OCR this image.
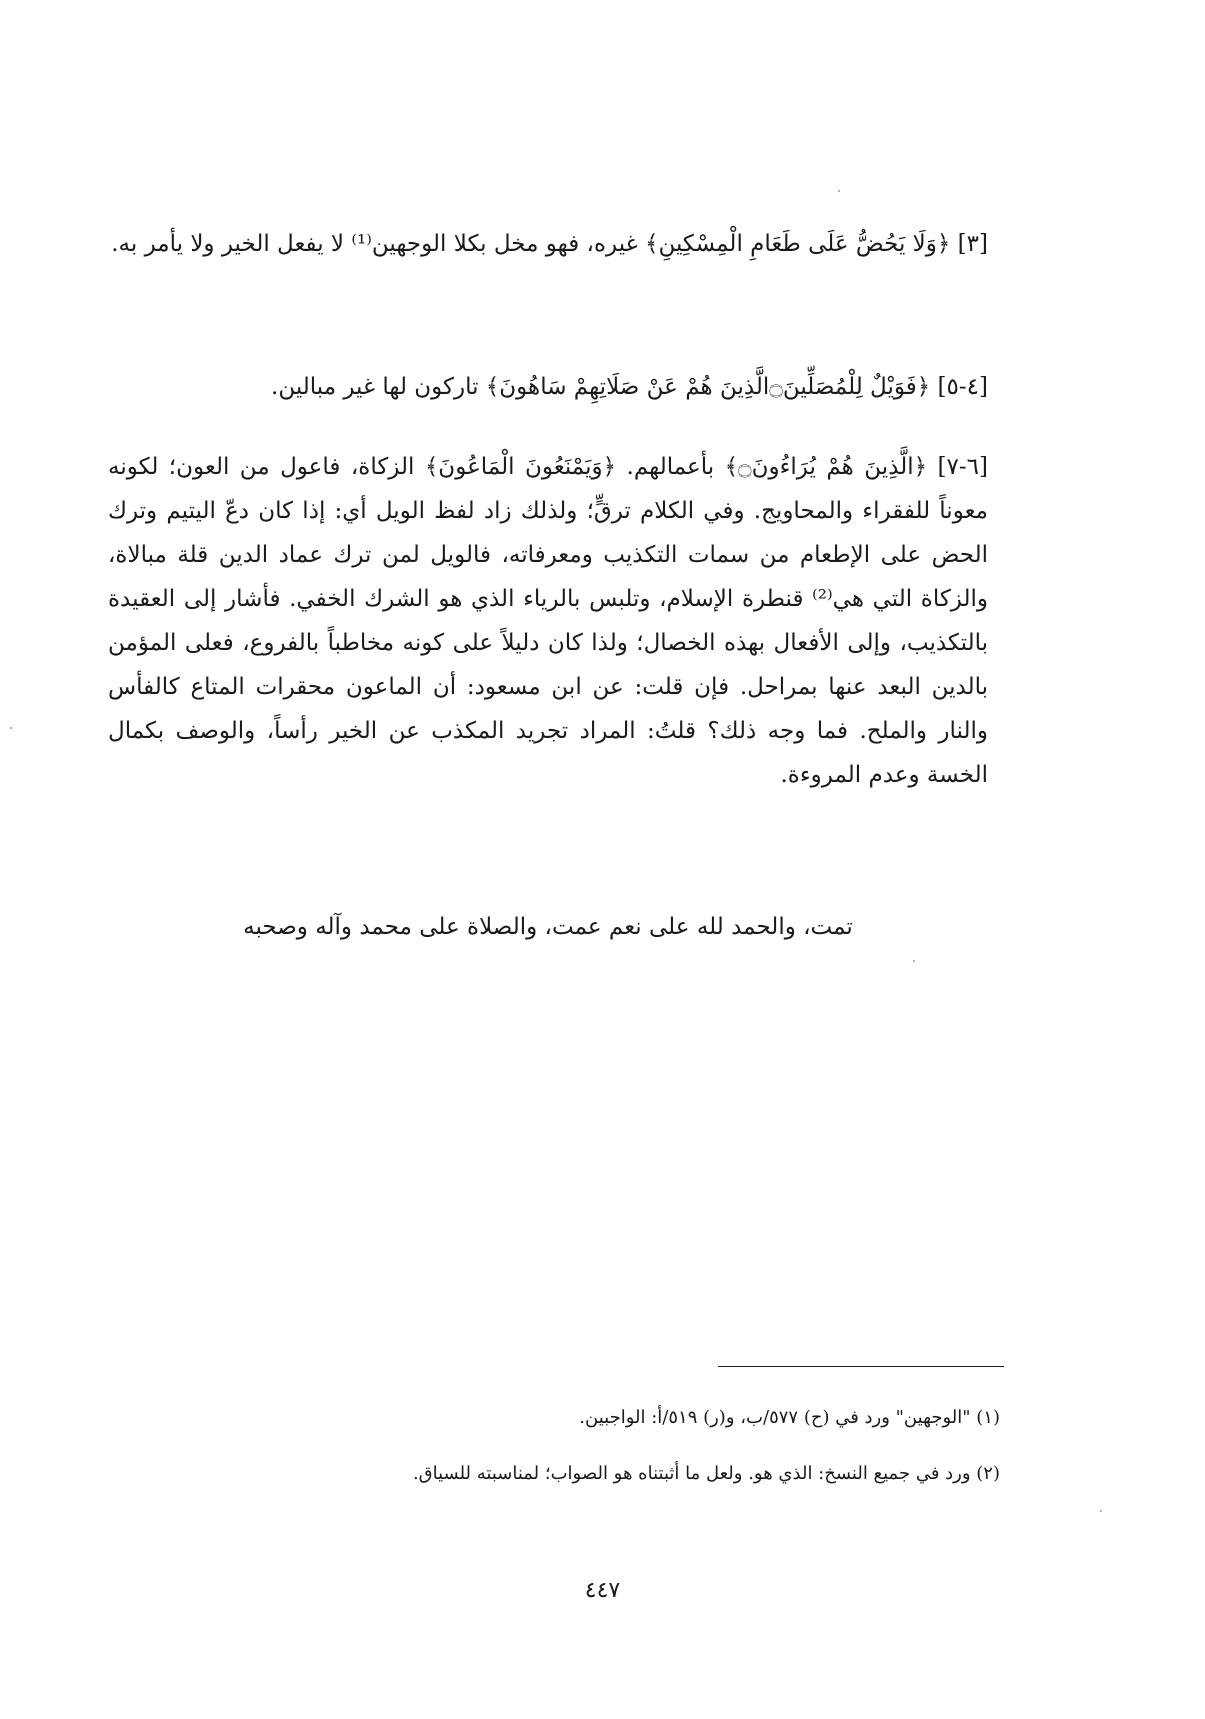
[٣] ﴿وَلَا يَحُضُّ عَلَى طَعَامِ الْمِسْكِينِ﴾ غيره، فهو مخل بكلا الوجهين⁽¹⁾ لا يفعل الخير ولا يأمر به.

[٤-٥] ﴿فَوَيْلٌ لِلْمُصَلِّينَ۝الَّذِينَ هُمْ عَنْ صَلَاتِهِمْ سَاهُونَ﴾ تاركون لها غير مبالين.

[٦-٧] ﴿الَّذِينَ هُمْ يُرَاءُونَ۝﴾ بأعمالهم. ﴿وَيَمْنَعُونَ الْمَاعُونَ﴾ الزكاة، فاعول من العون؛ لكونه معوناً للفقراء والمحاويج. وفي الكلام ترقٍّ؛ ولذلك زاد لفظ الويل أي: إذا كان دعّ اليتيم وترك الحض على الإطعام من سمات التكذيب ومعرفاته، فالويل لمن ترك عماد الدين قلة مبالاة، والزكاة التي هي⁽²⁾ قنطرة الإسلام، وتلبس بالرياء الذي هو الشرك الخفي. فأشار إلى العقيدة بالتكذيب، وإلى الأفعال بهذه الخصال؛ ولذا كان دليلاً على كونه مخاطباً بالفروع، فعلى المؤمن بالدين البعد عنها بمراحل. فإن قلت: عن ابن مسعود: أن الماعون محقرات المتاع كالفأس والنار والملح. فما وجه ذلك؟ قلتُ: المراد تجريد المكذب عن الخير رأساً، والوصف بكمال الخسة وعدم المروءة.

تمت، والحمد لله على نعم عمت، والصلاة على محمد وآله وصحبه

(١) "الوجهين" ورد في (ح) ٥٧٧/ب، و(ر) ٥١٩/أ: الواجبين.

(٢) ورد في جميع النسخ: الذي هو. ولعل ما أثبتناه هو الصواب؛ لمناسبته للسياق.

٤٤٧
